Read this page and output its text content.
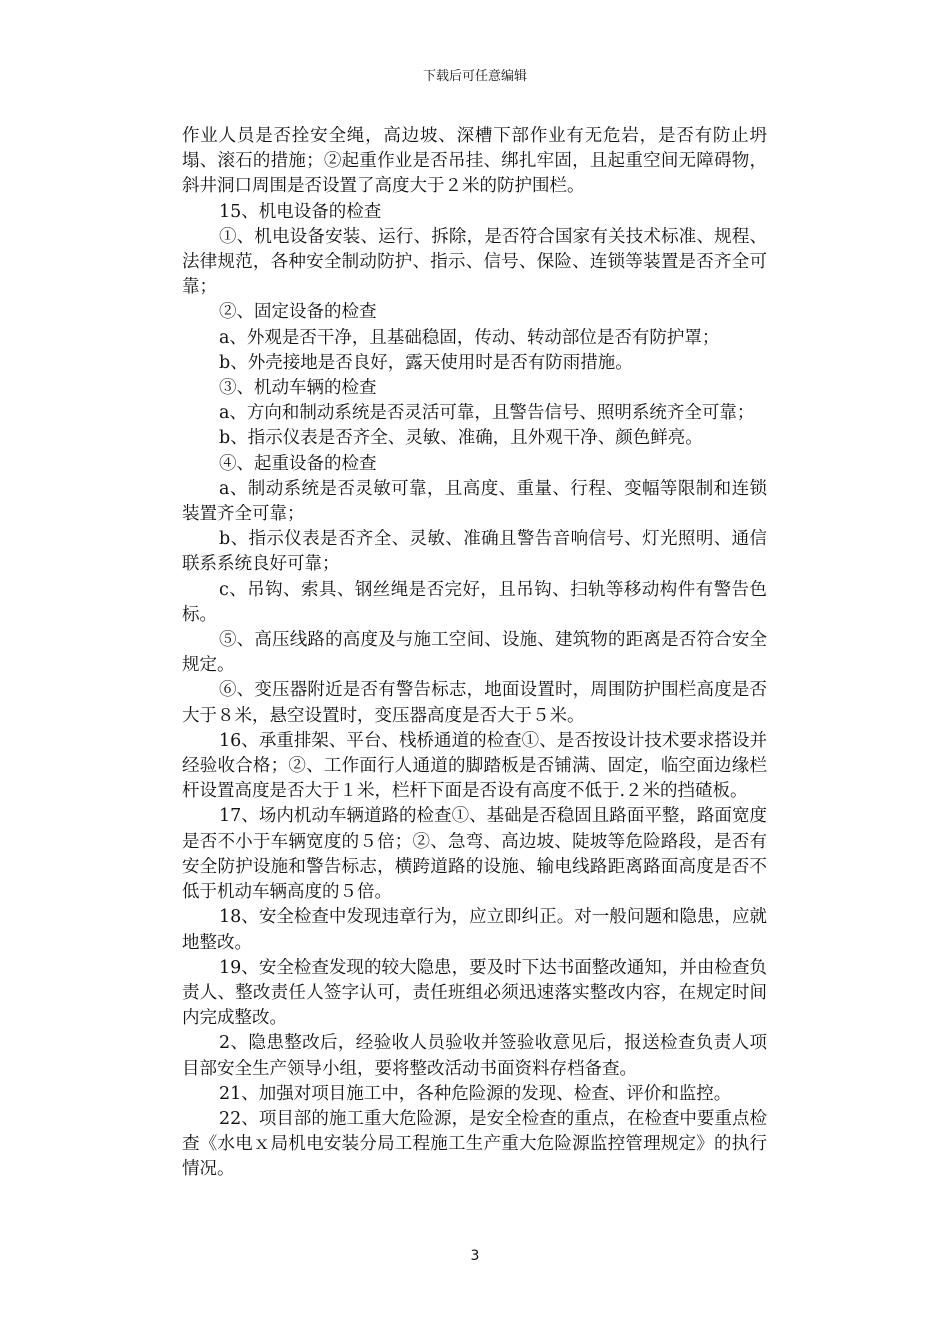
下载后可任意编辑

作业人员是否拴安全绳，高边坡、深槽下部作业有无危岩，是否有防止坍塌、滚石的措施；②起重作业是否吊挂、绑扎牢固，且起重空间无障碍物，斜井洞口周围是否设置了高度大于２米的防护围栏。

15、机电设备的检查

①、机电设备安装、运行、拆除，是否符合国家有关技术标准、规程、法律规范，各种安全制动防护、指示、信号、保险、连锁等装置是否齐全可靠；

②、固定设备的检查

a、外观是否干净，且基础稳固，传动、转动部位是否有防护罩；

b、外壳接地是否良好，露天使用时是否有防雨措施。

③、机动车辆的检查

a、方向和制动系统是否灵活可靠，且警告信号、照明系统齐全可靠；

b、指示仪表是否齐全、灵敏、准确，且外观干净、颜色鲜亮。

④、起重设备的检查

a、制动系统是否灵敏可靠，且高度、重量、行程、变幅等限制和连锁装置齐全可靠；

b、指示仪表是否齐全、灵敏、准确且警告音响信号、灯光照明、通信联系系统良好可靠；

c、吊钩、索具、钢丝绳是否完好，且吊钩、扫轨等移动构件有警告色标。

⑤、高压线路的高度及与施工空间、设施、建筑物的距离是否符合安全规定。

⑥、变压器附近是否有警告标志，地面设置时，周围防护围栏高度是否大于８米，悬空设置时，变压器高度是否大于５米。

16、承重排架、平台、栈桥通道的检查①、是否按设计技术要求搭设并经验收合格；②、工作面行人通道的脚踏板是否铺满、固定，临空面边缘栏杆设置高度是否大于１米，栏杆下面是否设有高度不低于.２米的挡碴板。

17、场内机动车辆道路的检查①、基础是否稳固且路面平整，路面宽度是否不小于车辆宽度的５倍；②、急弯、高边坡、陡坡等危险路段，是否有安全防护设施和警告标志，横跨道路的设施、输电线路距离路面高度是否不低于机动车辆高度的５倍。

18、安全检查中发现违章行为，应立即纠正。对一般问题和隐患，应就地整改。

19、安全检查发现的较大隐患，要及时下达书面整改通知，并由检查负责人、整改责任人签字认可，责任班组必须迅速落实整改内容，在规定时间内完成整改。

2、隐患整改后，经验收人员验收并签验收意见后，报送检查负责人项目部安全生产领导小组，要将整改活动书面资料存档备查。

21、加强对项目施工中，各种危险源的发现、检查、评价和监控。

22、项目部的施工重大危险源，是安全检查的重点，在检查中要重点检查《水电ｘ局机电安装分局工程施工生产重大危险源监控管理规定》的执行情况。

3
